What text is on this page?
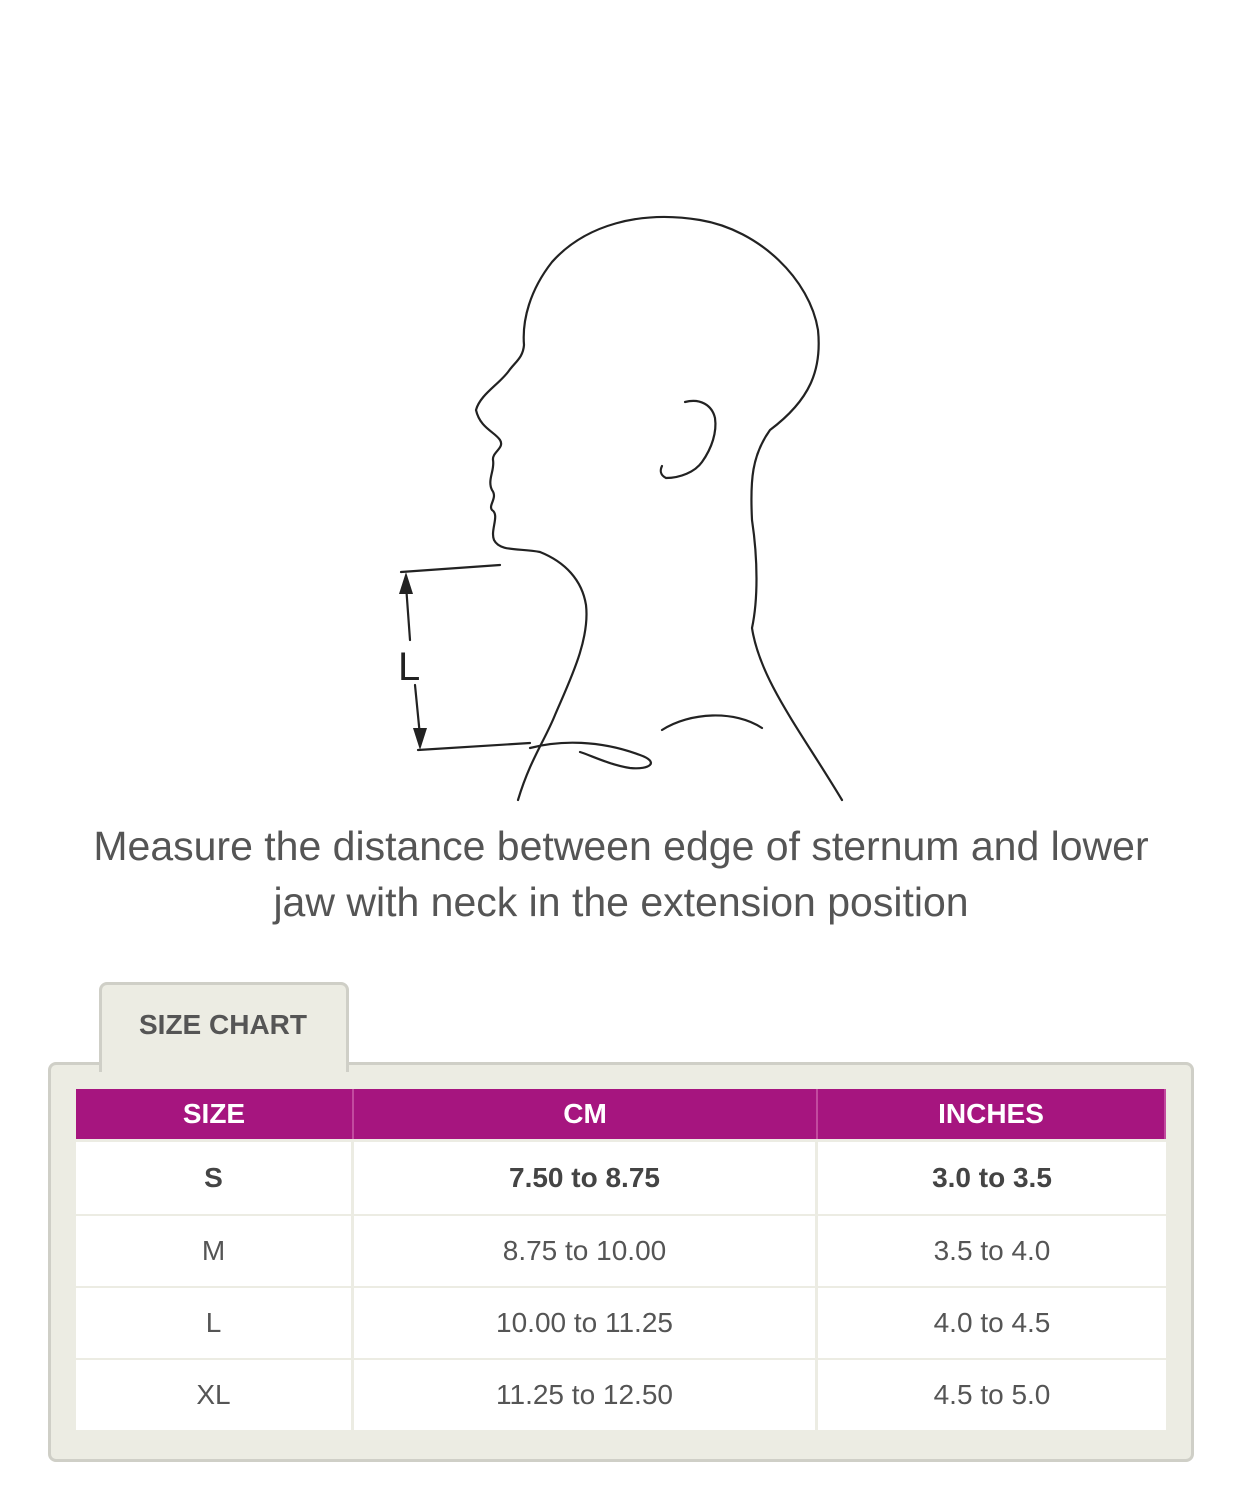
L
Measure the distance between edge of sternum and lower
jaw with neck in the extension position
SIZE CHART
SIZE	CM	INCHES
S	7.50 to 8.75	3.0 to 3.5
M	8.75 to 10.00	3.5 to 4.0
L	10.00 to 11.25	4.0 to 4.5
XL	11.25 to 12.50	4.5 to 5.0
